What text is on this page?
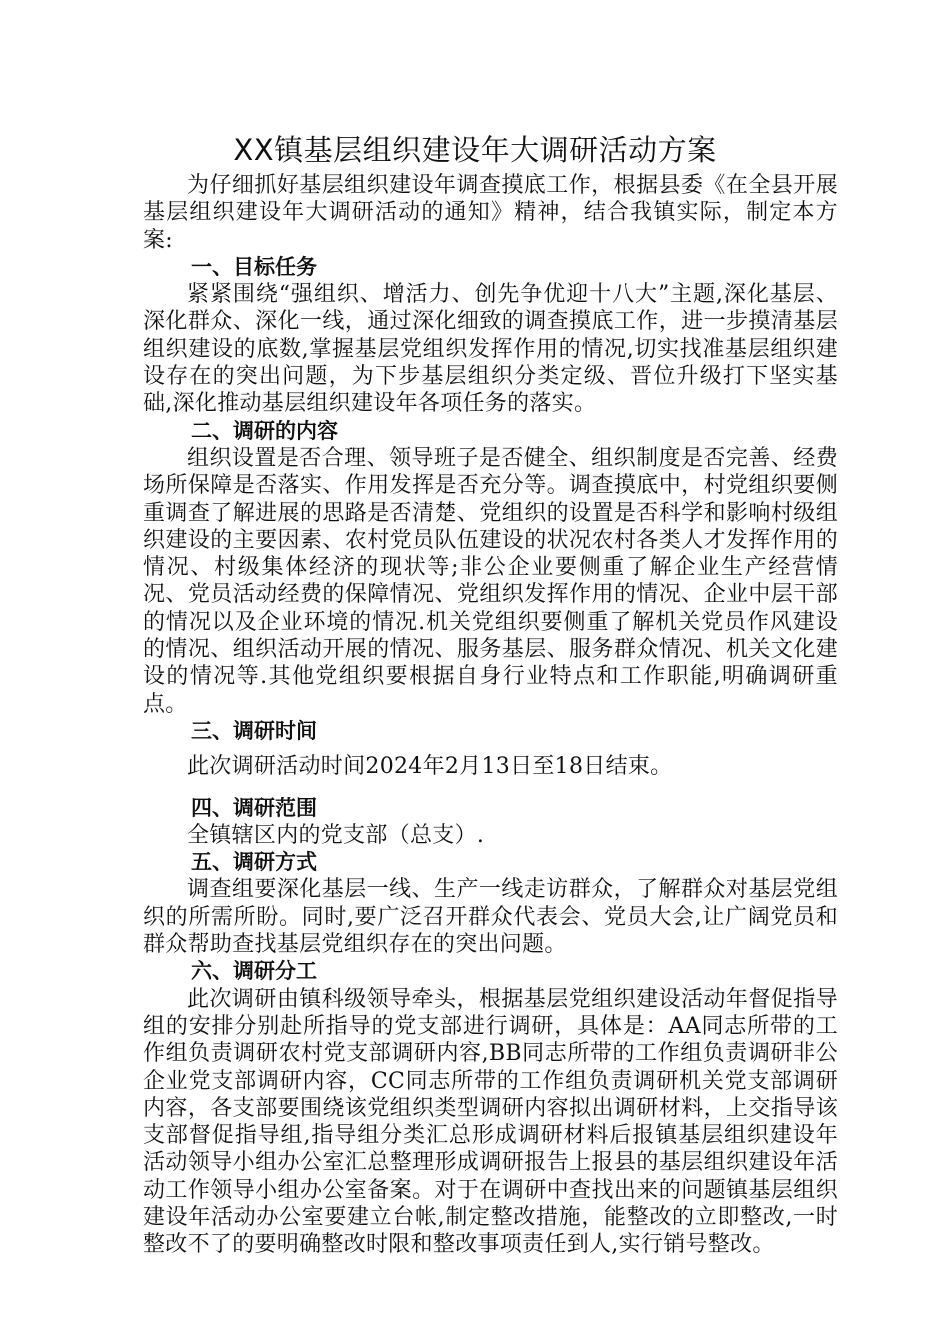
XX镇基层组织建设年大调研活动方案

为仔细抓好基层组织建设年调查摸底工作，根据县委《在全县开展基层组织建设年大调研活动的通知》精神，结合我镇实际，制定本方案:

一、目标任务

紧紧围绕“强组织、增活力、创先争优迎十八大”主题,深化基层、深化群众、深化一线，通过深化细致的调查摸底工作，进一步摸清基层组织建设的底数,掌握基层党组织发挥作用的情况,切实找准基层组织建设存在的突出问题，为下步基层组织分类定级、晋位升级打下坚实基础,深化推动基层组织建设年各项任务的落实。

二、调研的内容

组织设置是否合理、领导班子是否健全、组织制度是否完善、经费场所保障是否落实、作用发挥是否充分等。调查摸底中，村党组织要侧重调查了解进展的思路是否清楚、党组织的设置是否科学和影响村级组织建设的主要因素、农村党员队伍建设的状况农村各类人才发挥作用的情况、村级集体经济的现状等;非公企业要侧重了解企业生产经营情况、党员活动经费的保障情况、党组织发挥作用的情况、企业中层干部的情况以及企业环境的情况.机关党组织要侧重了解机关党员作风建设的情况、组织活动开展的情况、服务基层、服务群众情况、机关文化建设的情况等.其他党组织要根据自身行业特点和工作职能,明确调研重点。

三、调研时间

此次调研活动时间2024年2月13日至18日结束。

四、调研范围

全镇辖区内的党支部（总支）.

五、调研方式

调查组要深化基层一线、生产一线走访群众，了解群众对基层党组织的所需所盼。同时,要广泛召开群众代表会、党员大会,让广阔党员和群众帮助查找基层党组织存在的突出问题。

六、调研分工

此次调研由镇科级领导牵头，根据基层党组织建设活动年督促指导组的安排分别赴所指导的党支部进行调研，具体是：AA同志所带的工作组负责调研农村党支部调研内容,BB同志所带的工作组负责调研非公企业党支部调研内容，CC同志所带的工作组负责调研机关党支部调研内容，各支部要围绕该党组织类型调研内容拟出调研材料，上交指导该支部督促指导组,指导组分类汇总形成调研材料后报镇基层组织建设年活动领导小组办公室汇总整理形成调研报告上报县的基层组织建设年活动工作领导小组办公室备案。对于在调研中查找出来的问题镇基层组织建设年活动办公室要建立台帐,制定整改措施，能整改的立即整改,一时整改不了的要明确整改时限和整改事项责任到人,实行销号整改。
